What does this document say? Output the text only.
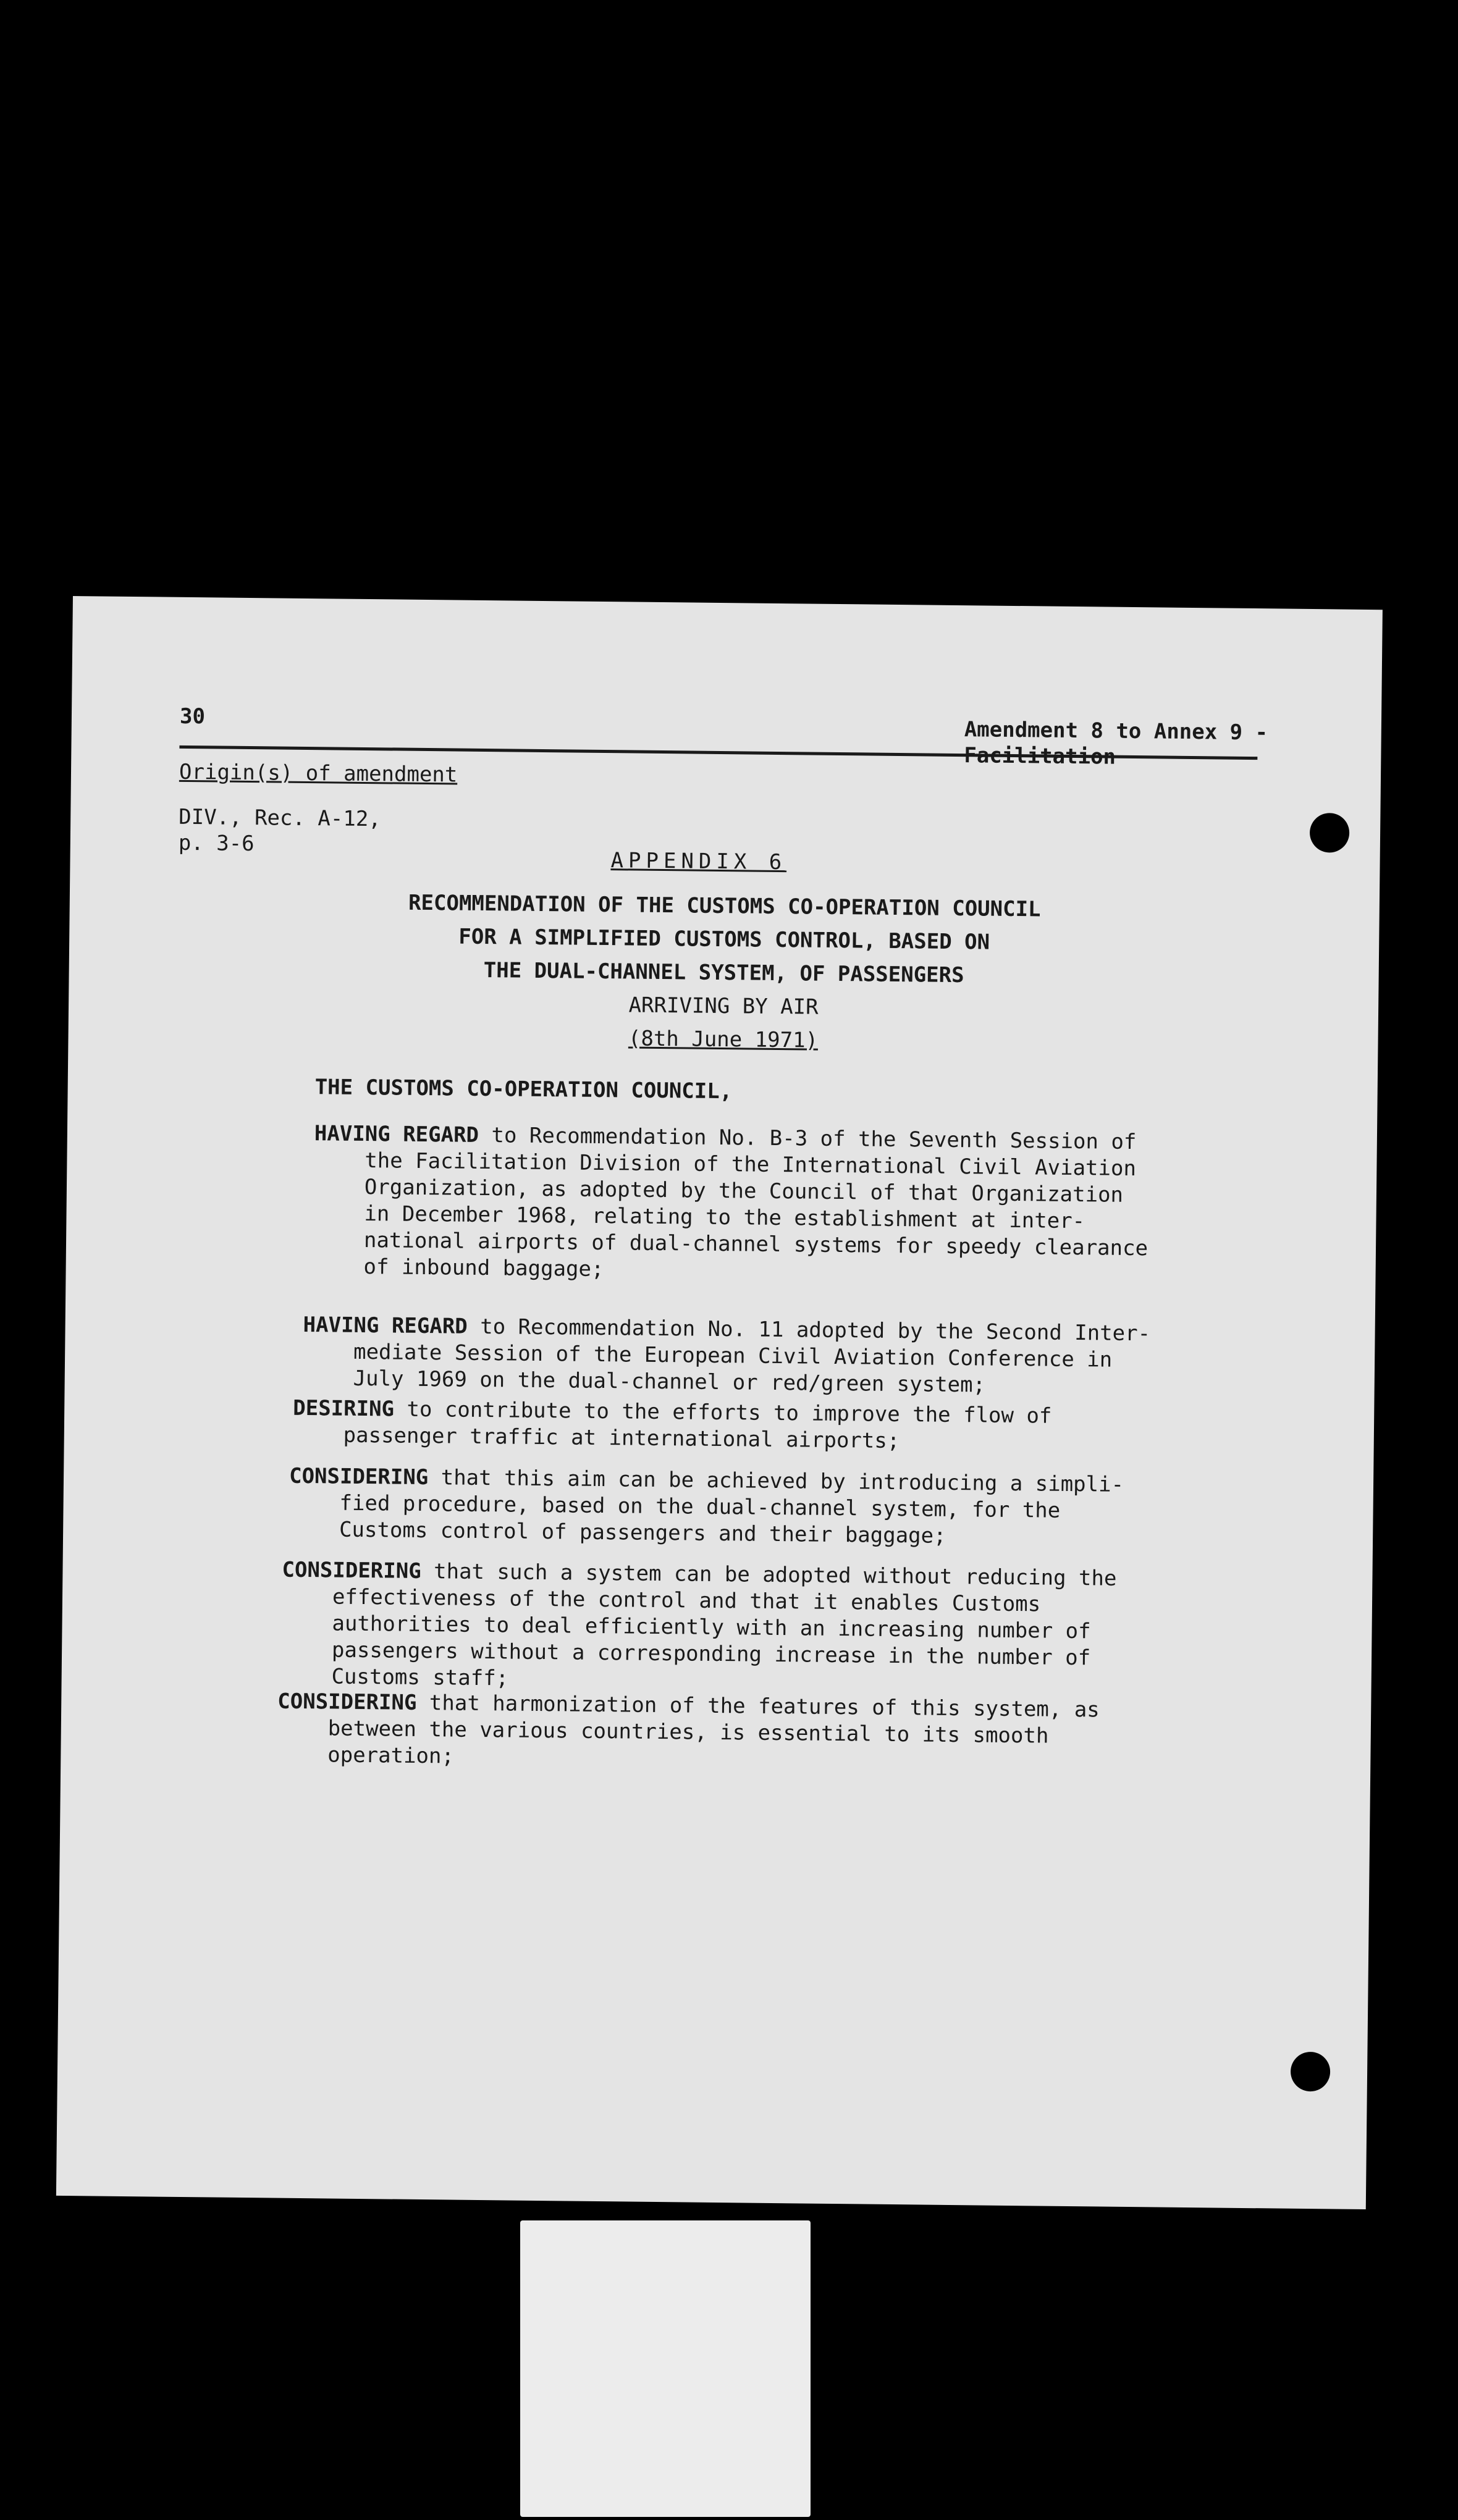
30
Amendment 8 to Annex 9 -

Origin(s) of amendment
DIV., Rec. A-12,
p. 3-6
APPENDIX 6
RECOMMENDATION OF THE CUSTOMS CO-OPERATION COUNCIL
FOR A SIMPLIFIED CUSTOMS CONTROL, BASED ON
THE DUAL-CHANNEL SYSTEM, OF PASSENGERS
ARRIVING BY AIR
(8th June 1971)
THE CUSTOMS CO-OPERATION COUNCIL,
HAVING REGARD to Recommendation No. B-3 of the Seventh Session of
the Facilitation Division of the International Civil Aviation
Organization, as adopted by the Council of that Organization
in December 1968, relating to the establishment at inter-
national airports of dual-channel systems for speedy clearance
of inbound baggage;
HAVING REGARD to Recommendation No. 11 adopted by the Second Inter-
mediate Session of the European Civil Aviation Conference in
July 1969 on the dual-channel or red/green system;
DESIRING to contribute to the efforts to improve the flow of
passenger traffic at international airports;
CONSIDERING that this aim can be achieved by introducing a simpli-
fied procedure, based on the dual-channel system, for the
Customs control of passengers and their baggage;
CONSIDERING that such a system can be adopted without reducing the
effectiveness of the control and that it enables Customs
authorities to deal efficiently with an increasing number of
passengers without a corresponding increase in the number of
Customs staff;
CONSIDERING that harmonization of the features of this system, as
between the various countries, is essential to its smooth
operation;
